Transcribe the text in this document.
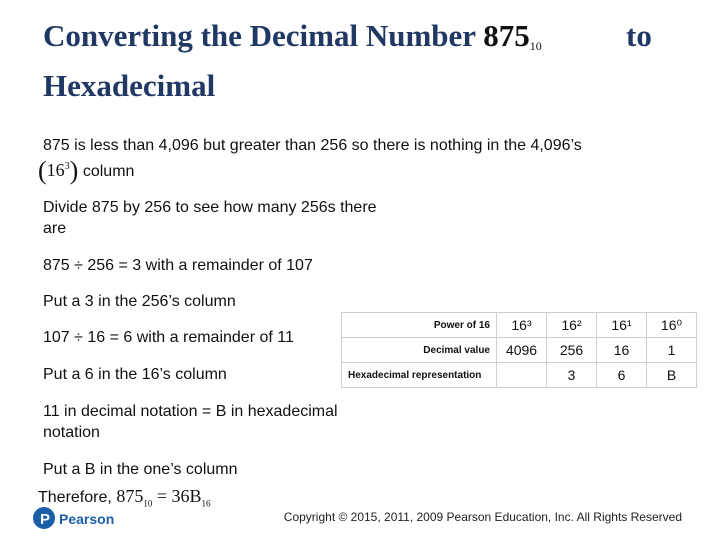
Converting the Decimal Number $875_{10}$	to
Hexadecimal
875 is less than 4,096 but greater than 256 so there is nothing in the 4,096’s
$(16^3)$ column
Divide 875 by 256 to see how many 256s there are
875 ÷ 256 = 3 with a remainder of 107
Put a 3 in the 256’s column
107 ÷ 16 = 6 with a remainder of 11
Put a 6 in the 16’s column
11 in decimal notation = B in hexadecimal notation
Put a B in the one’s column
Therefore, $875_{10} = 36B_{16}$
Power of 16	16³	16²	16¹	16⁰
Decimal value	4096	256	16	1
Hexadecimal representation		3	6	B
P Pearson	Copyright © 2015, 2011, 2009 Pearson Education, Inc. All Rights Reserved
